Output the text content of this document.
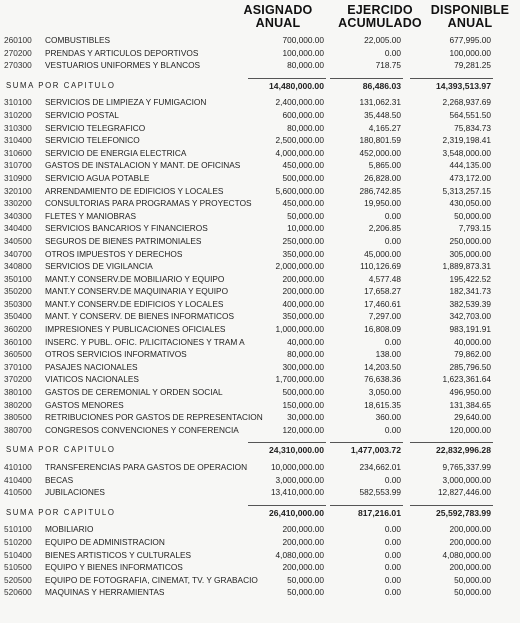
ASIGNADO
ANUAL
EJERCIDO
ACUMULADO
DISPONIBLE
ANUAL
260100	COMBUSTIBLES	700,000.00	22,005.00	677,995.00
270200	PRENDAS Y ARTICULOS DEPORTIVOS	100,000.00	0.00	100,000.00
270300	VESTUARIOS UNIFORMES Y BLANCOS	80,000.00	718.75	79,281.25
SUMA POR CAPITULO	14,480,000.00	86,486.03	14,393,513.97
310100	SERVICIOS DE LIMPIEZA Y FUMIGACION	2,400,000.00	131,062.31	2,268,937.69
310200	SERVICIO POSTAL	600,000.00	35,448.50	564,551.50
310300	SERVICIO TELEGRAFICO	80,000.00	4,165.27	75,834.73
310400	SERVICIO TELEFONICO	2,500,000.00	180,801.59	2,319,198.41
310600	SERVICIO DE ENERGIA ELECTRICA	4,000,000.00	452,000.00	3,548,000.00
310700	GASTOS DE INSTALACION Y MANT. DE OFICINAS	450,000.00	5,865.00	444,135.00
310900	SERVICIO AGUA POTABLE	500,000.00	26,828.00	473,172.00
320100	ARRENDAMIENTO DE EDIFICIOS Y LOCALES	5,600,000.00	286,742.85	5,313,257.15
330200	CONSULTORIAS PARA PROGRAMAS Y PROYECTOS	450,000.00	19,950.00	430,050.00
340300	FLETES Y MANIOBRAS	50,000.00	0.00	50,000.00
340400	SERVICIOS BANCARIOS Y FINANCIEROS	10,000.00	2,206.85	7,793.15
340500	SEGUROS DE BIENES PATRIMONIALES	250,000.00	0.00	250,000.00
340700	OTROS IMPUESTOS Y DERECHOS	350,000.00	45,000.00	305,000.00
340800	SERVICIOS DE VIGILANCIA	2,000,000.00	110,126.69	1,889,873.31
350100	MANT.Y CONSERV.DE MOBILIARIO Y EQUIPO	200,000.00	4,577.48	195,422.52
350200	MANT.Y CONSERV.DE MAQUINARIA Y EQUIPO	200,000.00	17,658.27	182,341.73
350300	MANT.Y CONSERV.DE EDIFICIOS Y LOCALES	400,000.00	17,460.61	382,539.39
350400	MANT. Y CONSERV. DE BIENES INFORMATICOS	350,000.00	7,297.00	342,703.00
360200	IMPRESIONES Y PUBLICACIONES OFICIALES	1,000,000.00	16,808.09	983,191.91
360100	INSERC. Y PUBL. OFIC. P/LICITACIONES Y TRAM A	40,000.00	0.00	40,000.00
360500	OTROS SERVICIOS INFORMATIVOS	80,000.00	138.00	79,862.00
370100	PASAJES NACIONALES	300,000.00	14,203.50	285,796.50
370200	VIATICOS NACIONALES	1,700,000.00	76,638.36	1,623,361.64
380100	GASTOS DE CEREMONIAL Y ORDEN SOCIAL	500,000.00	3,050.00	496,950.00
380200	GASTOS MENORES	150,000.00	18,615.35	131,384.65
380500	RETRIBUCIONES POR GASTOS DE REPRESENTACION	30,000.00	360.00	29,640.00
380700	CONGRESOS CONVENCIONES Y CONFERENCIA	120,000.00	0.00	120,000.00
SUMA POR CAPITULO	24,310,000.00	1,477,003.72	22,832,996.28
410100	TRANSFERENCIAS PARA GASTOS DE OPERACION	10,000,000.00	234,662.01	9,765,337.99
410400	BECAS	3,000,000.00	0.00	3,000,000.00
410500	JUBILACIONES	13,410,000.00	582,553.99	12,827,446.00
SUMA POR CAPITULO	26,410,000.00	817,216.01	25,592,783.99
510100	MOBILIARIO	200,000.00	0.00	200,000.00
510200	EQUIPO DE ADMINISTRACION	200,000.00	0.00	200,000.00
510400	BIENES ARTISTICOS Y CULTURALES	4,080,000.00	0.00	4,080,000.00
510500	EQUIPO Y BIENES INFORMATICOS	200,000.00	0.00	200,000.00
520500	EQUIPO DE FOTOGRAFIA, CINEMAT, TV. Y GRABACIO	50,000.00	0.00	50,000.00
520600	MAQUINAS Y HERRAMIENTAS	50,000.00	0.00	50,000.00
